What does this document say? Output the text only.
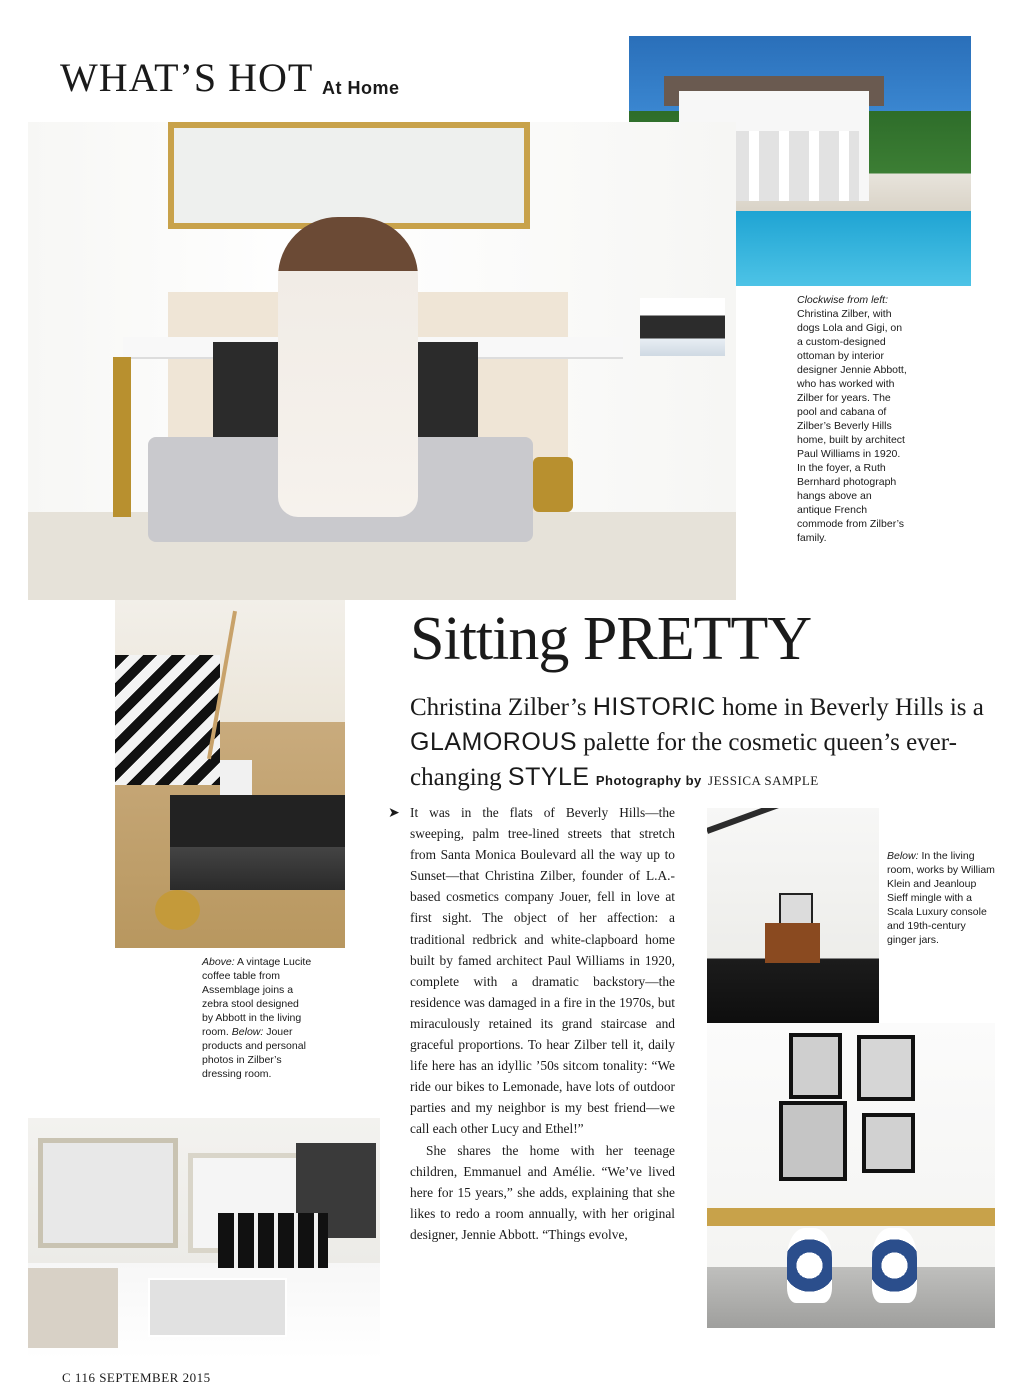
WHAT’S HOT At Home
Clockwise from left: Christina Zilber, with dogs Lola and Gigi, on a custom-designed ottoman by interior designer Jennie Abbott, who has worked with Zilber for years. The pool and cabana of Zilber’s Beverly Hills home, built by architect Paul Williams in 1920. In the foyer, a Ruth Bernhard photograph hangs above an antique French commode from Zilber’s family.
Above: A vintage Lucite coffee table from Assemblage joins a zebra stool designed by Abbott in the living room. Below: Jouer products and personal photos in Zilber’s dressing room.
Below: In the living room, works by William Klein and Jeanloup Sieff mingle with a Scala Luxury console and 19th-century ginger jars.
Sitting PRETTY
Christina Zilber’s HISTORIC home in Beverly Hills is a GLAMOROUS palette for the cosmetic queen’s ever-changing STYLE Photography by JESSICA SAMPLE
➤ It was in the flats of Beverly Hills—the sweeping, palm tree-lined streets that stretch from Santa Monica Boulevard all the way up to Sunset—that Christina Zilber, founder of L.A.-based cosmetics company Jouer, fell in love at first sight. The object of her affection: a traditional redbrick and white-clapboard home built by famed architect Paul Williams in 1920, complete with a dramatic backstory—the residence was damaged in a fire in the 1970s, but miraculously retained its grand staircase and graceful proportions. To hear Zilber tell it, daily life here has an idyllic ’50s sitcom tonality: “We ride our bikes to Lemonade, have lots of outdoor parties and my neighbor is my best friend—we call each other Lucy and Ethel!”

She shares the home with her teenage children, Emmanuel and Amélie. “We’ve lived here for 15 years,” she adds, explaining that she likes to redo a room annually, with her original designer, Jennie Abbott. “Things evolve,

C 116 SEPTEMBER 2015
